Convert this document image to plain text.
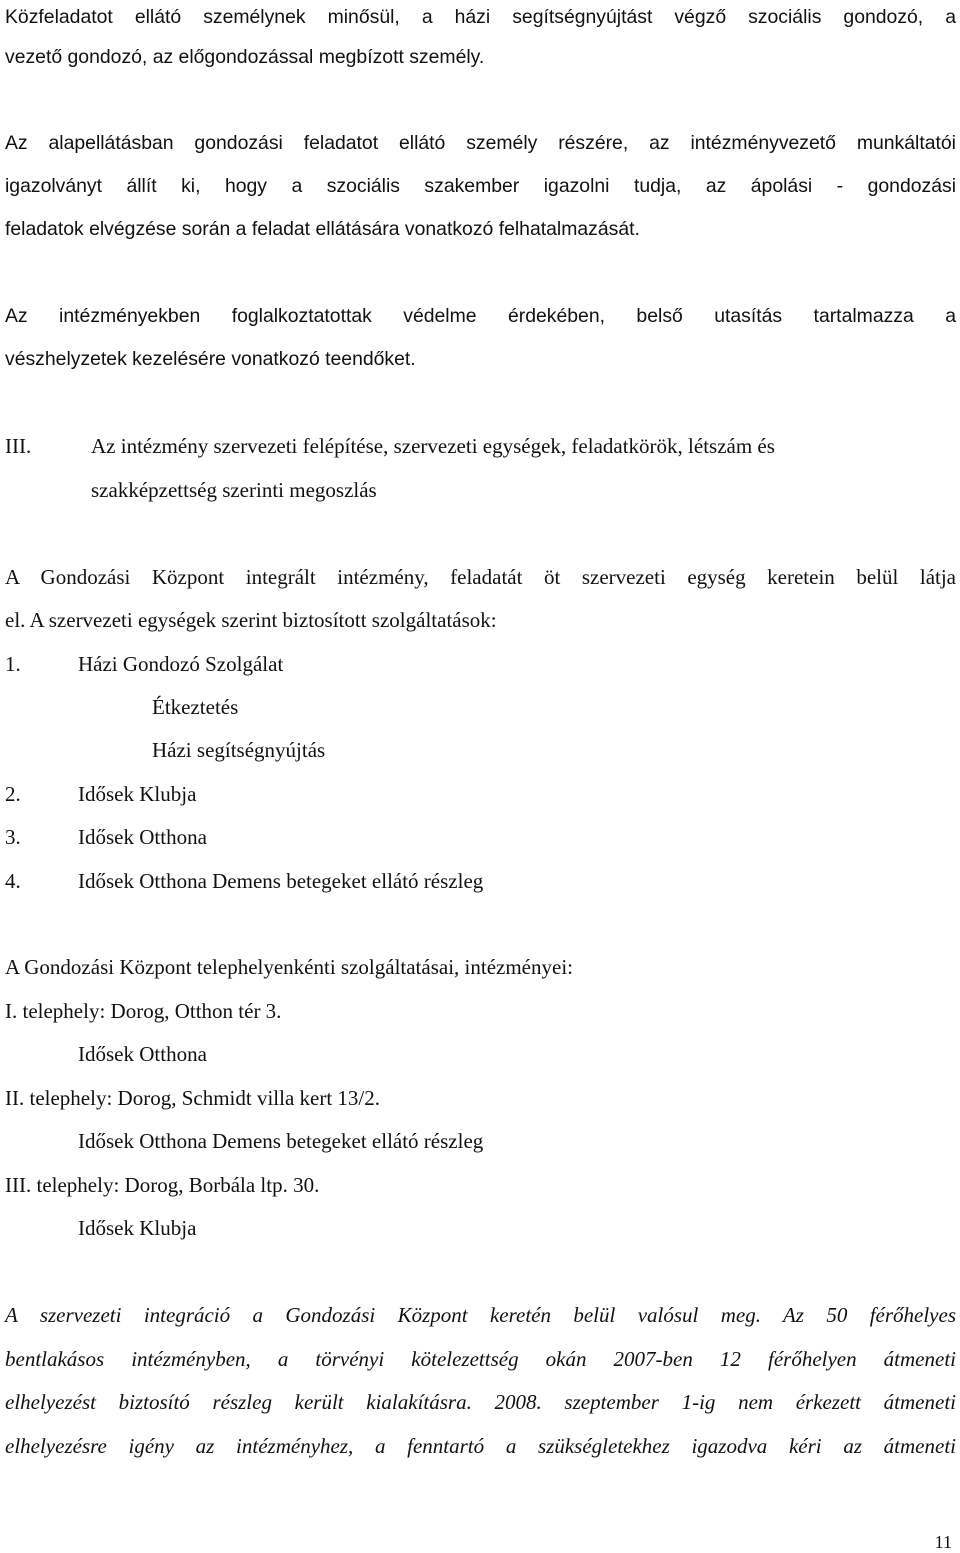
Közfeladatot ellátó személynek minősül, a házi segítségnyújtást végző szociális gondozó, a
vezető gondozó, az előgondozással megbízott személy.
Az alapellátásban gondozási feladatot ellátó személy részére, az intézményvezető munkáltatói
igazolványt állít ki, hogy a szociális szakember igazolni tudja, az ápolási - gondozási
feladatok elvégzése során a feladat ellátására vonatkozó felhatalmazását.
Az intézményekben foglalkoztatottak védelme érdekében, belső utasítás tartalmazza a
vészhelyzetek kezelésére vonatkozó teendőket.
III.	Az intézmény szervezeti felépítése, szervezeti egységek, feladatkörök, létszám és
szakképzettség szerinti megoszlás
A Gondozási Központ integrált intézmény, feladatát öt szervezeti egység keretein belül látja
el. A szervezeti egységek szerint biztosított szolgáltatások:
1.	Házi Gondozó Szolgálat
Étkeztetés
Házi segítségnyújtás
2.	Idősek Klubja
3.	Idősek Otthona
4.	Idősek Otthona Demens betegeket ellátó részleg
A Gondozási Központ telephelyenkénti szolgáltatásai, intézményei:
I. telephely: Dorog, Otthon tér 3.
Idősek Otthona
II. telephely: Dorog, Schmidt villa kert 13/2.
Idősek Otthona Demens betegeket ellátó részleg
III. telephely: Dorog, Borbála ltp. 30.
Idősek Klubja
A szervezeti integráció a Gondozási Központ keretén belül valósul meg. Az 50 férőhelyes
bentlakásos intézményben, a törvényi kötelezettség okán 2007-ben 12 férőhelyen átmeneti
elhelyezést biztosító részleg került kialakításra. 2008. szeptember 1-ig nem érkezett átmeneti
elhelyezésre igény az intézményhez, a fenntartó a szükségletekhez igazodva kéri az átmeneti
11
